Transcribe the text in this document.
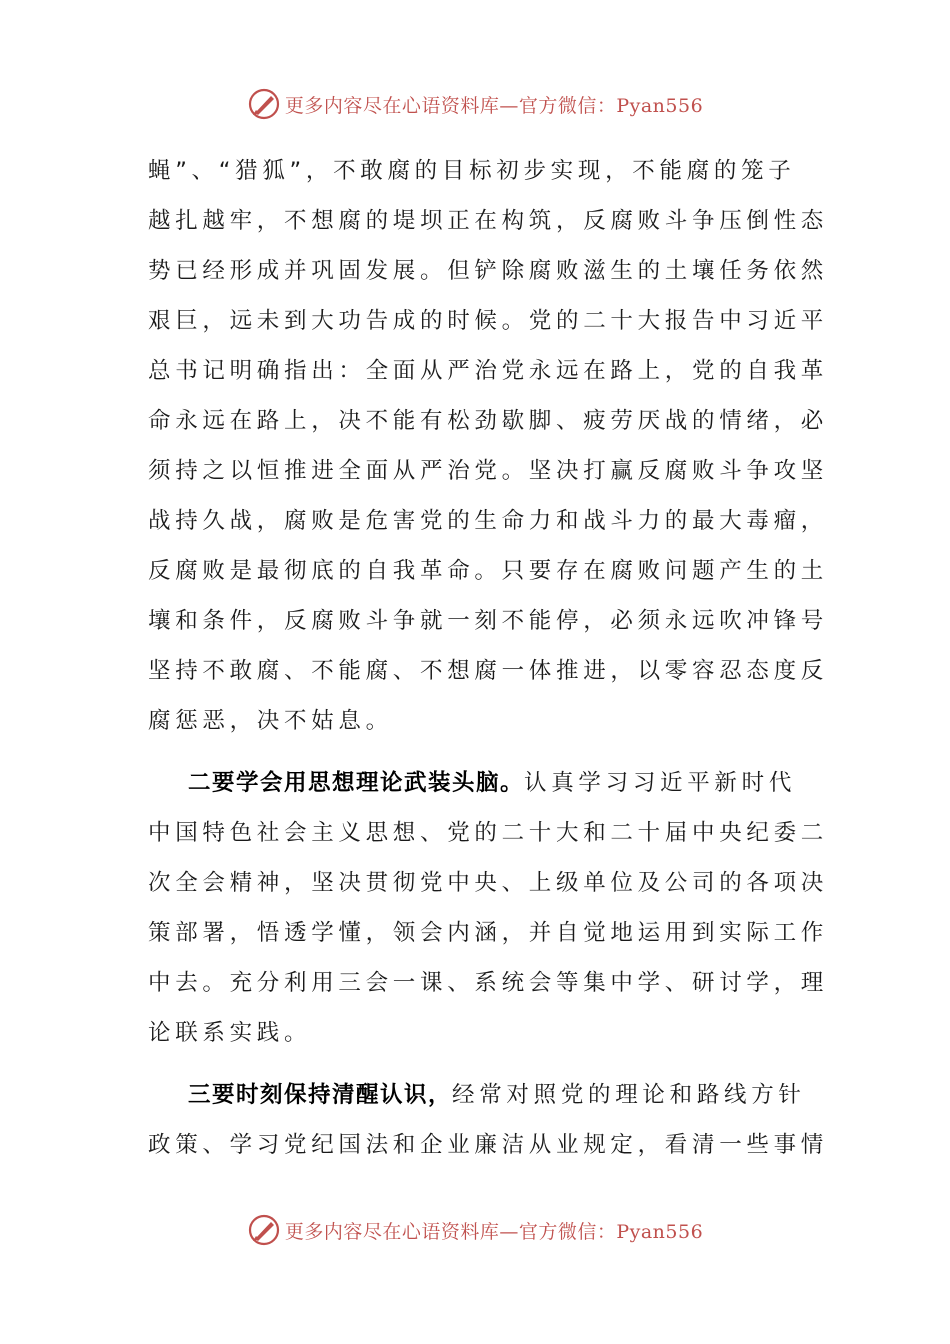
更多内容尽在心语资料库—官方微信：Pyan556
蝇”、“猎狐”，不敢腐的目标初步实现，不能腐的笼子
越扎越牢，不想腐的堤坝正在构筑，反腐败斗争压倒性态
势已经形成并巩固发展。但铲除腐败滋生的土壤任务依然
艰巨，远未到大功告成的时候。党的二十大报告中习近平
总书记明确指出：全面从严治党永远在路上，党的自我革
命永远在路上，决不能有松劲歇脚、疲劳厌战的情绪，必
须持之以恒推进全面从严治党。坚决打赢反腐败斗争攻坚
战持久战，腐败是危害党的生命力和战斗力的最大毒瘤，
反腐败是最彻底的自我革命。只要存在腐败问题产生的土
壤和条件，反腐败斗争就一刻不能停，必须永远吹冲锋号
坚持不敢腐、不能腐、不想腐一体推进，以零容忍态度反
腐惩恶，决不姑息。
二要学会用思想理论武装头脑。认真学习习近平新时代
中国特色社会主义思想、党的二十大和二十届中央纪委二
次全会精神，坚决贯彻党中央、上级单位及公司的各项决
策部署，悟透学懂，领会内涵，并自觉地运用到实际工作
中去。充分利用三会一课、系统会等集中学、研讨学，理
论联系实践。
三要时刻保持清醒认识，经常对照党的理论和路线方针
政策、学习党纪国法和企业廉洁从业规定，看清一些事情
更多内容尽在心语资料库—官方微信：Pyan556
